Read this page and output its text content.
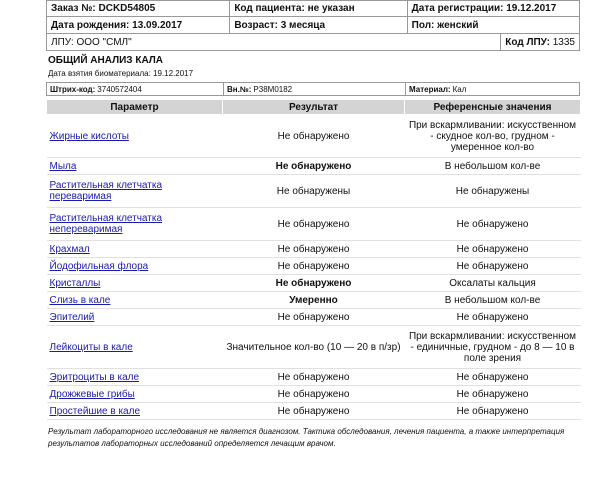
Заказ №: DCKD54805	Код пациента: не указан	Дата регистрации: 19.12.2017
Дата рождения: 13.09.2017	Возраст: 3 месяца	Пол: женский
ЛПУ: ООО "СМЛ"	Код ЛПУ:
1335
ОБЩИЙ АНАЛИЗ КАЛА
Дата взятия биоматериала: 19.12.2017
Штрих-код: 3740572404	Вн.№: P38M0182	Материал: Кал
Параметр	Результат	Референсные значения
Жирные кислоты	Не обнаружено	При вскармливании: искусственном - скудное кол-во, грудном - умеренное кол-во
Мыла	Не обнаружено	В небольшом кол-ве
Растительная клетчатка переваримая	Не обнаружены	Не обнаружены
Растительная клетчатка непереваримая	Не обнаружено	Не обнаружено
Крахмал	Не обнаружено	Не обнаружено
Йодофильная флора	Не обнаружено	Не обнаружено
Кристаллы	Не обнаружено	Оксалаты кальция
Слизь в кале	Умеренно	В небольшом кол-ве
Эпителий	Не обнаружено	Не обнаружено
Лейкоциты в кале	Значительное кол-во (10 — 20 в п/зр)	При вскармливании: искусственном - единичные, грудном - до 8 — 10 в поле зрения
Эритроциты в кале	Не обнаружено	Не обнаружено
Дрожжевые грибы	Не обнаружено	Не обнаружено
Простейшие в кале	Не обнаружено	Не обнаружено
Результат лабораторного исследования не является диагнозом. Тактика обследования, лечения пациента, а также интерпретация результатов лабораторных исследований определяется лечащим врачом.
